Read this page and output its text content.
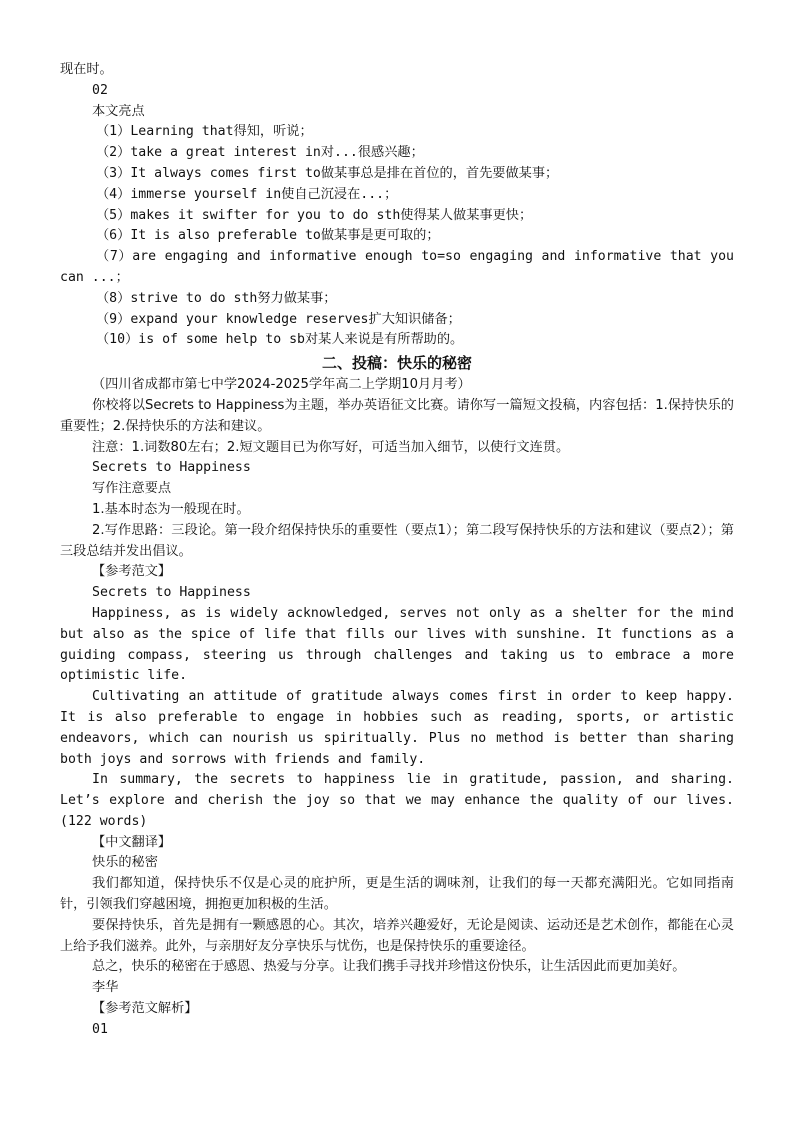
现在时。
02
本文亮点
（1）Learning that得知，听说；
（2）take a great interest in对...很感兴趣；
（3）It always comes first to做某事总是排在首位的，首先要做某事；
（4）immerse yourself in使自己沉浸在...；
（5）makes it swifter for you to do sth使得某人做某事更快；
（6）It is also preferable to做某事是更可取的；
（7）are engaging and informative enough to=so engaging and informative that you can ...；
（8）strive to do sth努力做某事；
（9）expand your knowledge reserves扩大知识储备；
（10）is of some help to sb对某人来说是有所帮助的。
二、投稿：快乐的秘密
（四川省成都市第七中学2024-2025学年高二上学期10月月考）
你校将以Secrets to Happiness为主题，举办英语征文比赛。请你写一篇短文投稿，内容包括：1.保持快乐的重要性；2.保持快乐的方法和建议。
注意：1.词数80左右；2.短文题目已为你写好，可适当加入细节，以使行文连贯。
Secrets to Happiness
写作注意要点
1.基本时态为一般现在时。
2.写作思路：三段论。第一段介绍保持快乐的重要性（要点1）；第二段写保持快乐的方法和建议（要点2）；第三段总结并发出倡议。
【参考范文】
Secrets to Happiness
Happiness, as is widely acknowledged, serves not only as a shelter for the mind but also as the spice of life that fills our lives with sunshine. It functions as a guiding compass, steering us through challenges and taking us to embrace a more optimistic life.
Cultivating an attitude of gratitude always comes first in order to keep happy. It is also preferable to engage in hobbies such as reading, sports, or artistic endeavors, which can nourish us spiritually. Plus no method is better than sharing both joys and sorrows with friends and family.
In summary, the secrets to happiness lie in gratitude, passion, and sharing. Let’s explore and cherish the joy so that we may enhance the quality of our lives. (122 words)
【中文翻译】
快乐的秘密
我们都知道，保持快乐不仅是心灵的庇护所，更是生活的调味剂，让我们的每一天都充满阳光。它如同指南针，引领我们穿越困境，拥抱更加积极的生活。
要保持快乐，首先是拥有一颗感恩的心。其次，培养兴趣爱好，无论是阅读、运动还是艺术创作，都能在心灵上给予我们滋养。此外，与亲朋好友分享快乐与忧伤，也是保持快乐的重要途径。
总之，快乐的秘密在于感恩、热爱与分享。让我们携手寻找并珍惜这份快乐，让生活因此而更加美好。
李华
【参考范文解析】
01
